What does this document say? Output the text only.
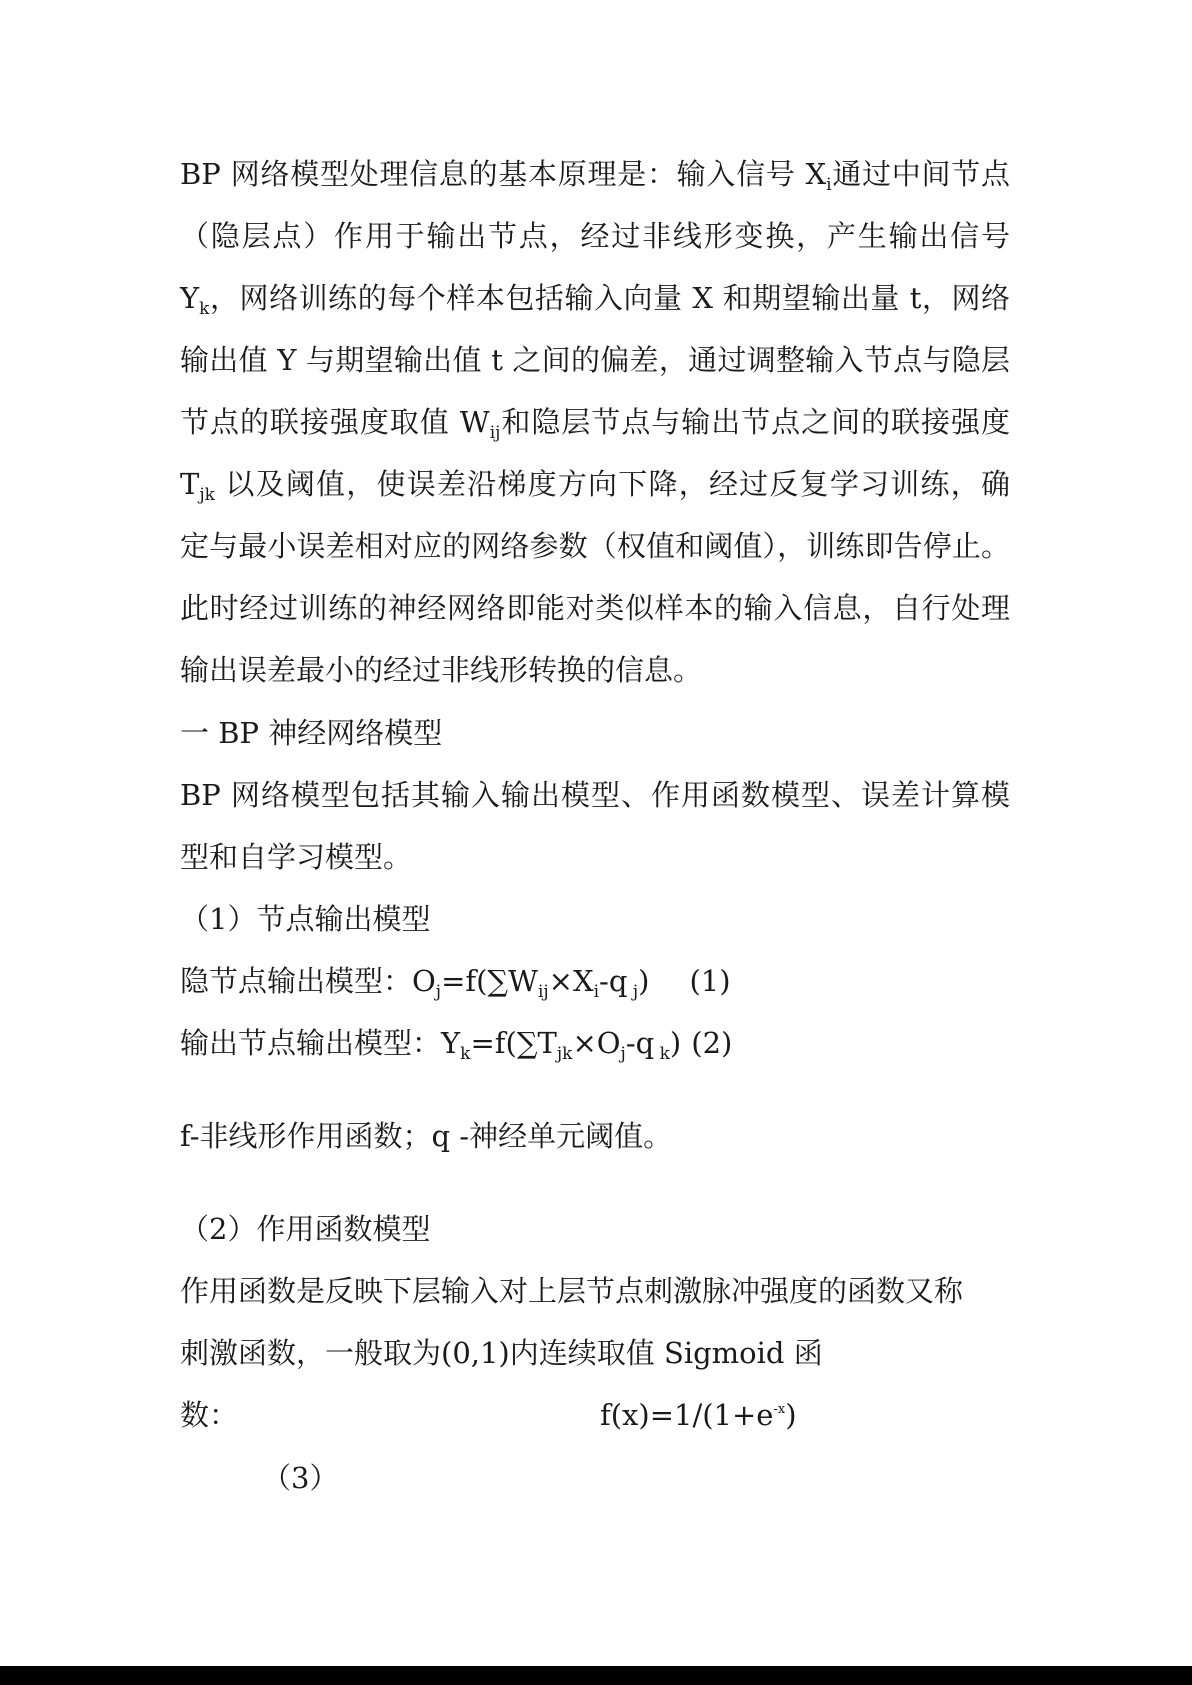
BP 网络模型处理信息的基本原理是：输入信号 $X_i$通过中间节点
（隐层点）作用于输出节点，经过非线形变换，产生输出信号
$Y_k$，网络训练的每个样本包括输入向量 X 和期望输出量 t，网络
输出值 Y 与期望输出值 t 之间的偏差，通过调整输入节点与隐层
节点的联接强度取值 $W_{ij}$和隐层节点与输出节点之间的联接强度
$T_{jk}$ 以及阈值，使误差沿梯度方向下降，经过反复学习训练，确
定与最小误差相对应的网络参数（权值和阈值），训练即告停止。
此时经过训练的神经网络即能对类似样本的输入信息，自行处理
输出误差最小的经过非线形转换的信息。
一 BP 神经网络模型
BP 网络模型包括其输入输出模型、作用函数模型、误差计算模
型和自学习模型。
（1）节点输出模型
隐节点输出模型：$O_j=f(\sum W_{ij}\times X_i-q$ $_j$) (1)
输出节点输出模型：$Y_k=f(\sum T_{jk}\times O_j-q$ $_k$) (2)
f-非线形作用函数；q -神经单元阈值。
（2）作用函数模型
作用函数是反映下层输入对上层节点刺激脉冲强度的函数又称
刺激函数，一般取为(0,1)内连续取值 Sigmoid 函
数：	$f(x)=1/(1+e^{-x})$
（3）
